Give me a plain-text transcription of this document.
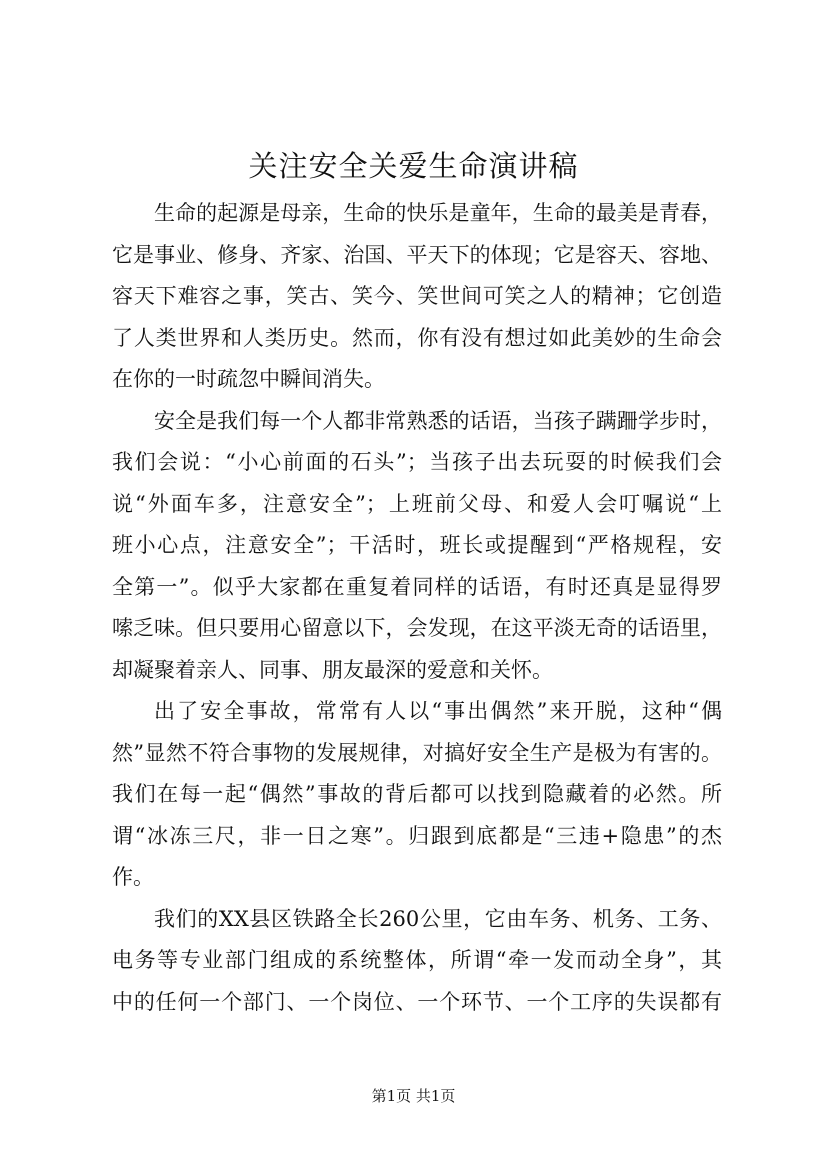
关注安全关爱生命演讲稿
生命的起源是母亲，生命的快乐是童年，生命的最美是青春，
它是事业、修身、齐家、治国、平天下的体现；它是容天、容地、
容天下难容之事，笑古、笑今、笑世间可笑之人的精神；它创造
了人类世界和人类历史。然而，你有没有想过如此美妙的生命会
在你的一时疏忽中瞬间消失。
安全是我们每一个人都非常熟悉的话语，当孩子蹒跚学步时，
我们会说：“小心前面的石头”；当孩子出去玩耍的时候我们会
说“外面车多，注意安全”；上班前父母、和爱人会叮嘱说“上
班小心点，注意安全”；干活时，班长或提醒到“严格规程，安
全第一”。似乎大家都在重复着同样的话语，有时还真是显得罗
嗦乏味。但只要用心留意以下，会发现，在这平淡无奇的话语里，
却凝聚着亲人、同事、朋友最深的爱意和关怀。
出了安全事故，常常有人以“事出偶然”来开脱，这种“偶
然”显然不符合事物的发展规律，对搞好安全生产是极为有害的。
我们在每一起“偶然”事故的背后都可以找到隐藏着的必然。所
谓“冰冻三尺，非一日之寒”。归跟到底都是“三违+隐患”的杰
作。
我们的XX县区铁路全长260公里，它由车务、机务、工务、
电务等专业部门组成的系统整体，所谓“牵一发而动全身”，其
中的任何一个部门、一个岗位、一个环节、一个工序的失误都有
第1页 共1页
